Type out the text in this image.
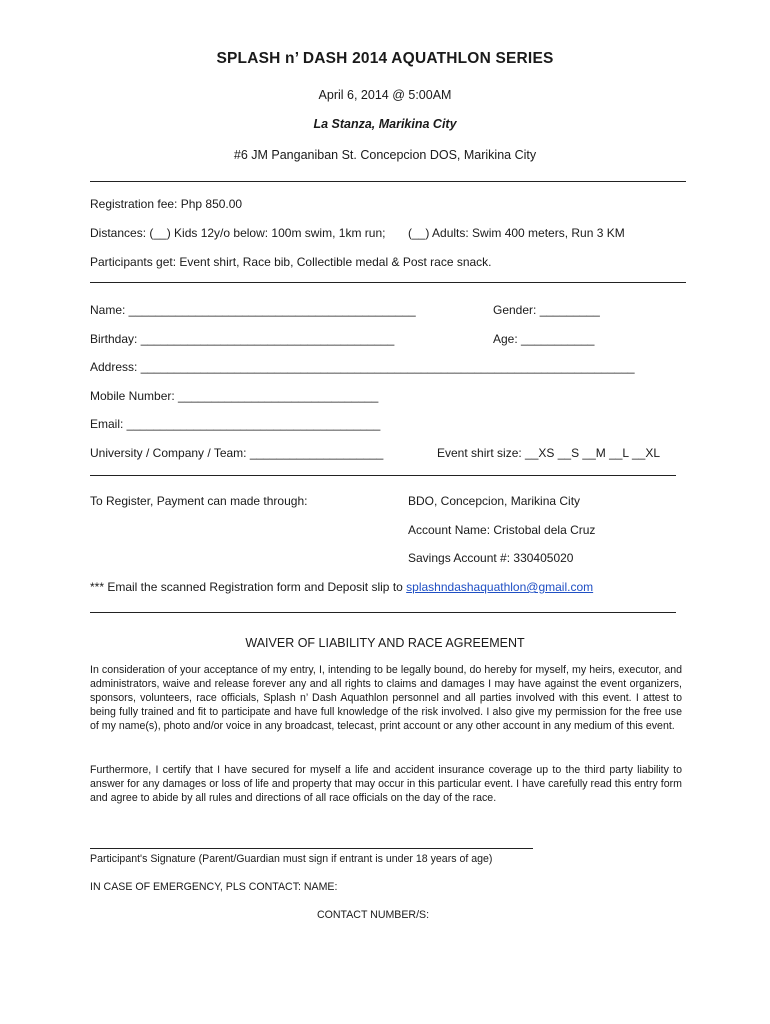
SPLASH n’ DASH 2014 AQUATHLON SERIES
April 6, 2014 @ 5:00AM
La Stanza, Marikina City
#6 JM Panganiban St. Concepcion DOS, Marikina City
Registration fee: Php 850.00
Distances: (__) Kids 12y/o below: 100m swim, 1km run; (__) Adults: Swim 400 meters, Run 3 KM
Participants get: Event shirt, Race bib, Collectible medal & Post race snack.
Name: ___________________________________________	Gender: _________
Birthday: ______________________________________	Age: ___________
Address: __________________________________________________________________________
Mobile Number: ______________________________
Email: ______________________________________
University / Company / Team: ____________________	Event shirt size: __XS __S __M __L __XL
To Register, Payment can made through:	BDO, Concepcion, Marikina City
Account Name: Cristobal dela Cruz
Savings Account #: 330405020
*** Email the scanned Registration form and Deposit slip to splashndashaquathlon@gmail.com
WAIVER OF LIABILITY AND RACE AGREEMENT
In consideration of your acceptance of my entry, I, intending to be legally bound, do hereby for myself, my heirs, executor, and administrators, waive and release forever any and all rights to claims and damages I may have against the event organizers, sponsors, volunteers, race officials, Splash n’ Dash Aquathlon personnel and all parties involved with this event. I attest to being fully trained and fit to participate and have full knowledge of the risk involved. I also give my permission for the free use of my name(s), photo and/or voice in any broadcast, telecast, print account or any other account in any medium of this event.
Furthermore, I certify that I have secured for myself a life and accident insurance coverage up to the third party liability to answer for any damages or loss of life and property that may occur in this particular event. I have carefully read this entry form and agree to abide by all rules and directions of all race officials on the day of the race.
Participant's Signature (Parent/Guardian must sign if entrant is under 18 years of age)
IN CASE OF EMERGENCY, PLS CONTACT: NAME:
CONTACT NUMBER/S:
